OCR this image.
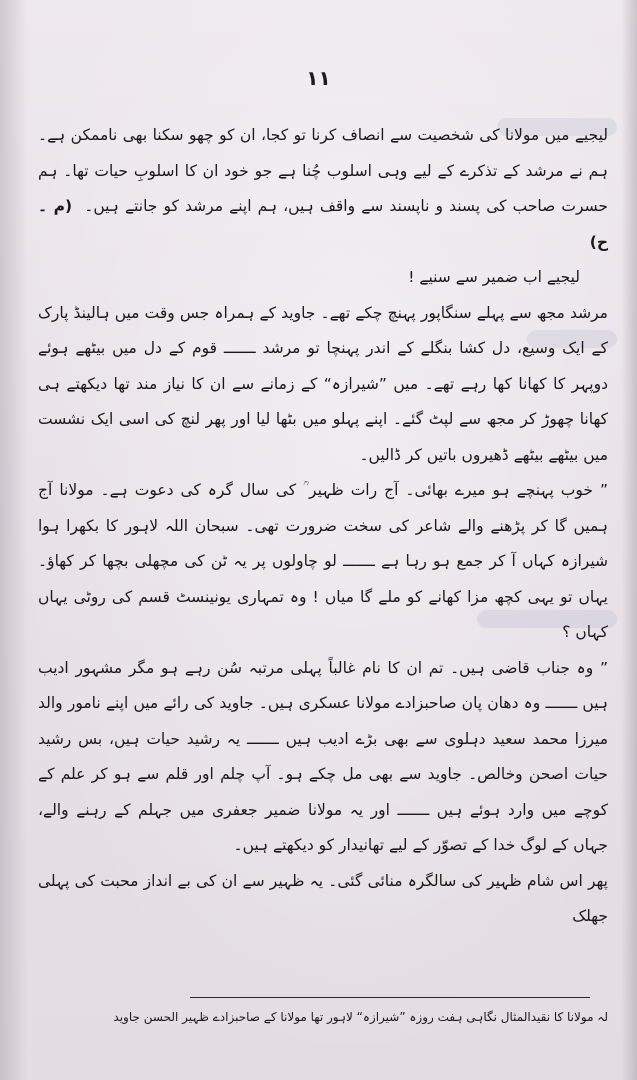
۱۱

لیجیے میں مولانا کی شخصیت سے انصاف کرنا تو کجا، ان کو چھو سکنا بھی ناممکن ہے۔ ہم نے مرشد کے تذکرے کے لیے وہی اسلوب چُنا ہے جو خود ان کا اسلوبِ حیات تھا۔ ہم حسرت صاحب کی پسند و ناپسند سے واقف ہیں، ہم اپنے مرشد کو جانتے ہیں۔ (م ۔ ح)

لیجیے اب ضمیر سے سنیے !

مرشد مجھ سے پہلے سنگاپور پہنچ چکے تھے۔ جاوید کے ہمراہ جس وقت میں ہالینڈ پارک کے ایک وسیع، دل کشا بنگلے کے اندر پہنچا تو مرشد ـــــــ قوم کے دل میں بیٹھے ہوئے دوپہر کا کھانا کھا رہے تھے۔ میں ”شیرازہ“ کے زمانے سے ان کا نیاز مند تھا دیکھتے ہی کھانا چھوڑ کر مجھ سے لپٹ گئے۔ اپنے پہلو میں بٹھا لیا اور پھر لنچ کی اسی ایک نشست میں بیٹھے بیٹھے ڈھیروں باتیں کر ڈالیں۔

” خوب پہنچے ہو میرے بھائی۔ آج رات ظہیر ؒ کی سال گرہ کی دعوت ہے۔ مولانا آج ہمیں گا کر پڑھنے والے شاعر کی سخت ضرورت تھی۔ سبحان اللہ لاہور کا بکھرا ہوا شیرازہ کہاں آ کر جمع ہو رہا ہے ـــــــ لو چاولوں پر یہ ٹن کی مچھلی بچھا کر کھاؤ۔ یہاں تو یہی کچھ مزا کھانے کو ملے گا میاں ! وہ تمہاری یونینسٹ قسم کی روٹی یہاں کہاں ؟

” وہ جناب قاضی ہیں۔ تم ان کا نام غالباً پہلی مرتبہ سُن رہے ہو مگر مشہور ادیب ہیں ـــــــ وہ دھان پان صاحبزادے مولانا عسکری ہیں۔ جاوید کی رائے میں اپنے نامور والد میرزا محمد سعید دہلوی سے بھی بڑے ادیب ہیں ـــــــ یہ رشید حیات ہیں، بس رشید حیات اصحن وخالص۔ جاوید سے بھی مل چکے ہو۔ آپ چلم اور قلم سے ہو کر علم کے کوچے میں وارد ہوئے ہیں ـــــــ اور یہ مولانا ضمیر جعفری میں جہلم کے رہنے والے، جہاں کے لوگ خدا کے تصوّر کے لیے تھانیدار کو دیکھتے ہیں۔

پھر اس شام ظہیر کی سالگرہ منائی گئی۔ یہ ظہیر سے ان کی بے انداز محبت کی پہلی جھلک

لہ مولانا کا نقیدالمثال نگاہی ہفت روزہ ”شیرازہ“ لاہور تھا مولانا کے صاحبزادے ظہیر الحسن جاوید
